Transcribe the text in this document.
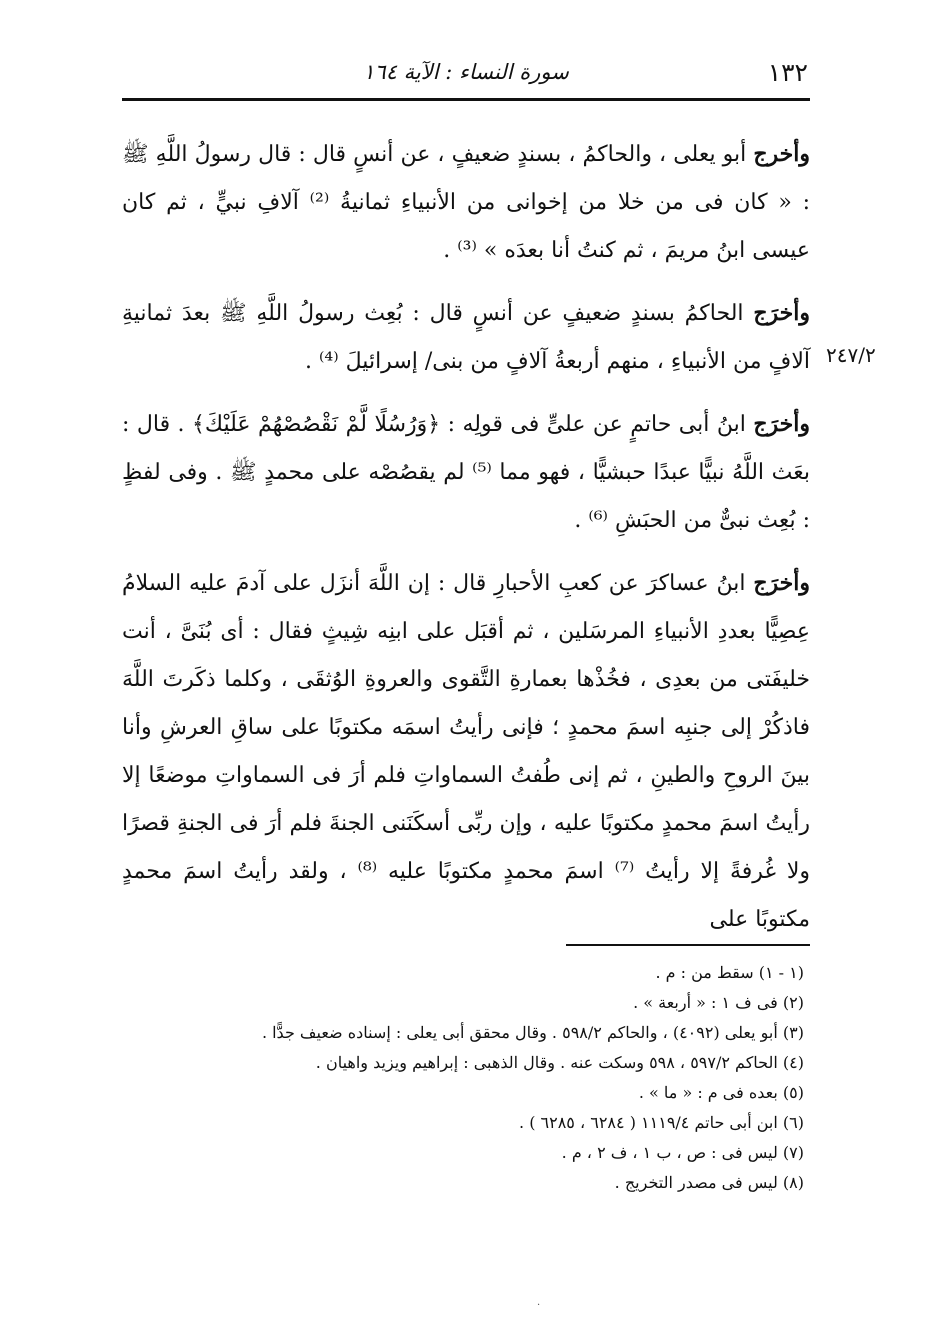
١٣٢
سورة النساء : الآية ١٦٤

وأخرج أبو يعلى ، والحاكمُ ، بسندٍ ضعيفٍ ، عن أنسٍ قال : قال رسولُ اللَّهِ ﷺ : « كان فى من خلا من إخوانى من الأنبياءِ ثمانيةُ ⁽²⁾ آلافِ نبيٍّ ، ثم كان عيسى ابنُ مريمَ ، ثم كنتُ أنا بعدَه » ⁽³⁾ .

وأخرَج الحاكمُ بسندٍ ضعيفٍ عن أنسٍ قال : بُعِث رسولُ اللَّهِ ﷺ بعدَ ثمانيةِ آلافٍ من الأنبياءِ ، منهم أربعةُ آلافٍ من بنى/ إسرائيلَ ⁽⁴⁾ .

وأخرَج ابنُ أبى حاتمٍ عن علىٍّ فى قولِه : ﴿وَرُسُلًا لَّمْ نَقْصُصْهُمْ عَلَيْكَ﴾ . قال : بعَث اللَّهُ نبيًّا عبدًا حبشيًّا ، فهو مما ⁽⁵⁾ لم يقصُصْه على محمدٍ ﷺ . وفى لفظٍ : بُعِث نبىٌّ من الحبَشِ ⁽⁶⁾ .

وأخرَج ابنُ عساكرَ عن كعبِ الأحبارِ قال : إن اللَّهَ أنزَل على آدمَ عليه السلامُ عِصِيًّا بعددِ الأنبياءِ المرسَلين ، ثم أقبَل على ابنِه شِيثٍ فقال : أى بُنَىَّ ، أنت خليفَتى من بعدِى ، فخُذْها بعمارةِ التَّقوى والعروةِ الوُثقَى ، وكلما ذكَرتَ اللَّهَ فاذكُرْ إلى جنبِه اسمَ محمدٍ ؛ فإنى رأيتُ اسمَه مكتوبًا على ساقِ العرشِ وأنا بينَ الروحِ والطينِ ، ثم إنى طُفتُ السماواتِ فلم أرَ فى السماواتِ موضعًا إلا رأيتُ اسمَ محمدٍ مكتوبًا عليه ، وإن ربِّى أسكَنَنى الجنةَ فلم أرَ فى الجنةِ قصرًا ولا غُرفةً إلا رأيتُ ⁽⁷⁾ اسمَ محمدٍ مكتوبًا عليه ⁽⁸⁾ ، ولقد رأيتُ اسمَ محمدٍ مكتوبًا على

٢٤٧/٢

(١ - ١) سقط من : م .

(٢) فى ف ١ : « أربعة » .

(٣) أبو يعلى (٤٠٩٢) ، والحاكم ٥٩٨/٢ . وقال محقق أبى يعلى : إسناده ضعيف جدًّا .

(٤) الحاكم ٥٩٧/٢ ، ٥٩٨ وسكت عنه . وقال الذهبى : إبراهيم ويزيد واهيان .

(٥) بعده فى م : « ما » .

(٦) ابن أبى حاتم ١١١٩/٤ ( ٦٢٨٤ ، ٦٢٨٥ ) .

(٧) ليس فى : ص ، ب ١ ، ف ٢ ، م .

(٨) ليس فى مصدر التخريج .

·
